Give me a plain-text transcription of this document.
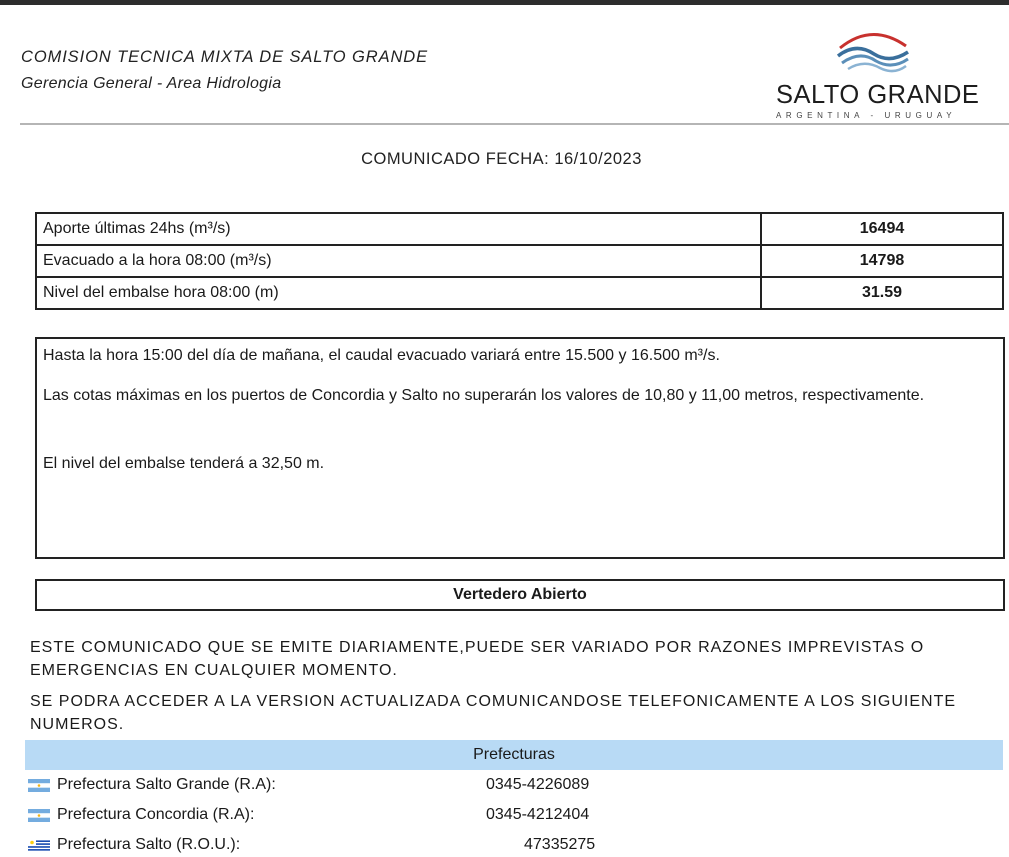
COMISION TECNICA MIXTA DE SALTO GRANDE
Gerencia General - Area Hidrologia	SALTO GRANDE
ARGENTINA - URUGUAY
COMUNICADO FECHA: 16/10/2023
Aporte últimas 24hs (m³/s)	16494
Evacuado a la hora 08:00 (m³/s)	14798
Nivel del embalse hora 08:00 (m)	31.59

Hasta la hora 15:00 del día de mañana, el caudal evacuado variará entre 15.500 y 16.500 m³/s.

Las cotas máximas en los puertos de Concordia y Salto no superarán los valores de 10,80 y 11,00 metros, respectivamente.

El nivel del embalse tenderá a 32,50 m.

Vertedero Abierto
ESTE COMUNICADO QUE SE EMITE DIARIAMENTE,PUEDE SER VARIADO POR RAZONES IMPREVISTAS O EMERGENCIAS EN CUALQUIER MOMENTO.
SE PODRA ACCEDER A LA VERSION ACTUALIZADA COMUNICANDOSE TELEFONICAMENTE A LOS SIGUIENTE NUMEROS.
Prefecturas
Prefectura Salto Grande (R.A):	0345-4226089
Prefectura Concordia (R.A):	0345-4212404
Prefectura Salto (R.O.U.):	47335275
